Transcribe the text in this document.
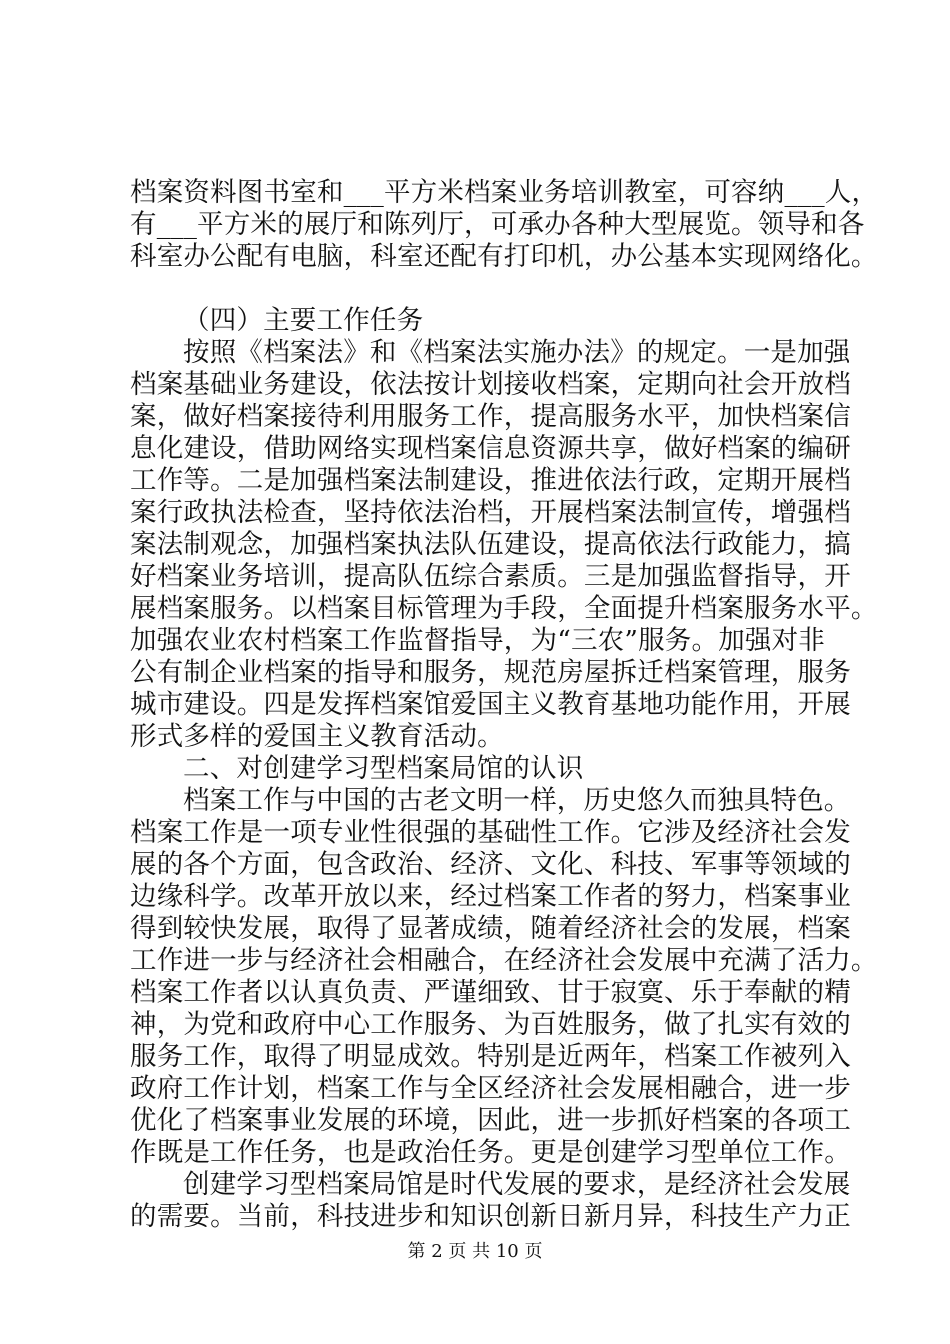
档案资料图书室和___平方米档案业务培训教室，可容纳___人，
有___平方米的展厅和陈列厅，可承办各种大型展览。领导和各
科室办公配有电脑，科室还配有打印机，办公基本实现网络化。
（四）主要工作任务
按照《档案法》和《档案法实施办法》的规定。一是加强
档案基础业务建设，依法按计划接收档案，定期向社会开放档
案，做好档案接待利用服务工作，提高服务水平，加快档案信
息化建设，借助网络实现档案信息资源共享，做好档案的编研
工作等。二是加强档案法制建设，推进依法行政，定期开展档
案行政执法检查，坚持依法治档，开展档案法制宣传，增强档
案法制观念，加强档案执法队伍建设，提高依法行政能力，搞
好档案业务培训，提高队伍综合素质。三是加强监督指导，开
展档案服务。以档案目标管理为手段，全面提升档案服务水平。
加强农业农村档案工作监督指导，为“三农”服务。加强对非
公有制企业档案的指导和服务，规范房屋拆迁档案管理，服务
城市建设。四是发挥档案馆爱国主义教育基地功能作用，开展
形式多样的爱国主义教育活动。
二、对创建学习型档案局馆的认识
档案工作与中国的古老文明一样，历史悠久而独具特色。
档案工作是一项专业性很强的基础性工作。它涉及经济社会发
展的各个方面，包含政治、经济、文化、科技、军事等领域的
边缘科学。改革开放以来，经过档案工作者的努力，档案事业
得到较快发展，取得了显著成绩，随着经济社会的发展，档案
工作进一步与经济社会相融合，在经济社会发展中充满了活力。
档案工作者以认真负责、严谨细致、甘于寂寞、乐于奉献的精
神，为党和政府中心工作服务、为百姓服务，做了扎实有效的
服务工作，取得了明显成效。特别是近两年，档案工作被列入
政府工作计划，档案工作与全区经济社会发展相融合，进一步
优化了档案事业发展的环境，因此，进一步抓好档案的各项工
作既是工作任务，也是政治任务。更是创建学习型单位工作。
创建学习型档案局馆是时代发展的要求，是经济社会发展
的需要。当前，科技进步和知识创新日新月异，科技生产力正
第 2 页 共 10 页
